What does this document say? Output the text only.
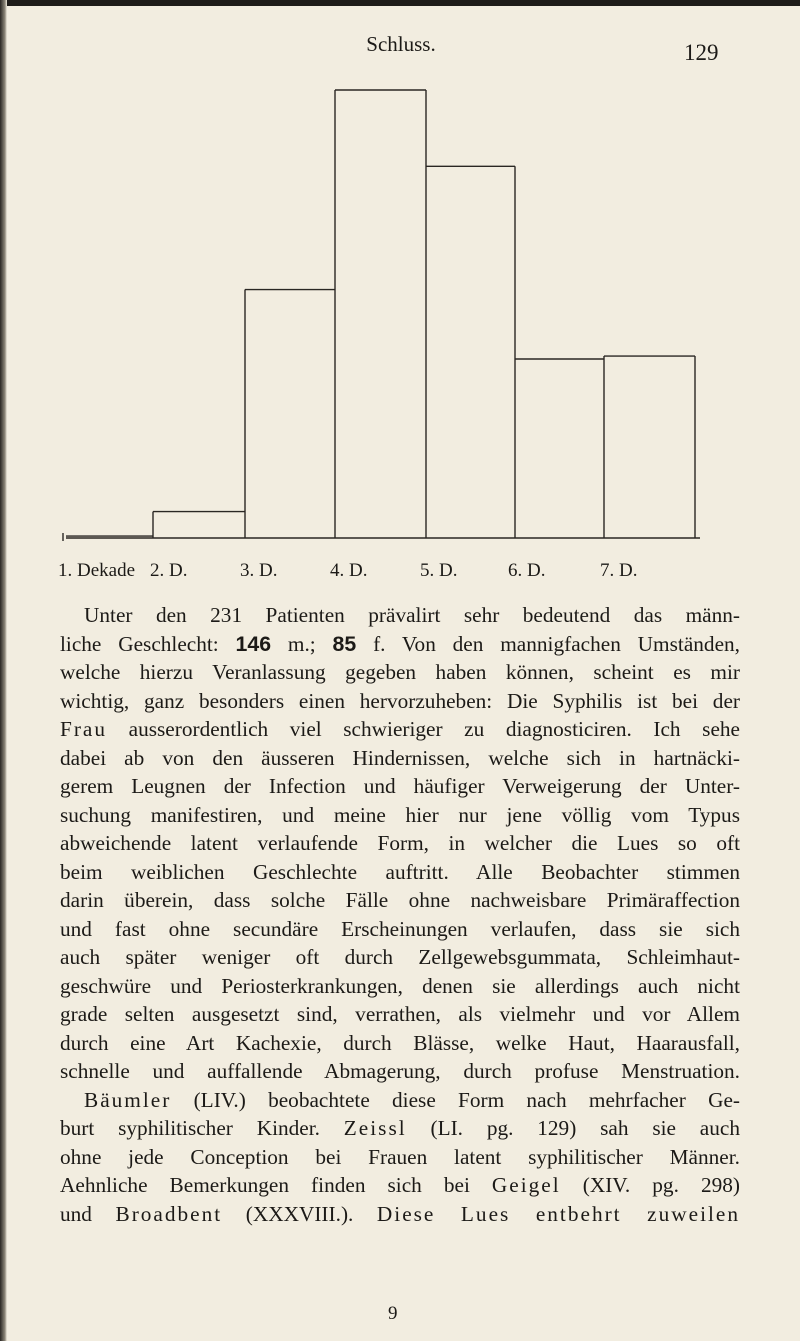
Schluss.	129
1. Dekade 2. D.	3. D.	4. D.	5. D.	6. D.	7. D.
Unter den 231 Patienten prävalirt sehr bedeutend das männ-
liche Geschlecht: 146 m.; 85 f. Von den mannigfachen Umständen,
welche hierzu Veranlassung gegeben haben können, scheint es mir
wichtig, ganz besonders einen hervorzuheben: Die Syphilis ist bei der
Frau ausserordentlich viel schwieriger zu diagnosticiren. Ich sehe
dabei ab von den äusseren Hindernissen, welche sich in hartnäcki-
gerem Leugnen der Infection und häufiger Verweigerung der Unter-
suchung manifestiren, und meine hier nur jene völlig vom Typus
abweichende latent verlaufende Form, in welcher die Lues so oft
beim weiblichen Geschlechte auftritt. Alle Beobachter stimmen
darin überein, dass solche Fälle ohne nachweisbare Primäraffection
und fast ohne secundäre Erscheinungen verlaufen, dass sie sich
auch später weniger oft durch Zellgewebsgummata, Schleimhaut-
geschwüre und Periosterkrankungen, denen sie allerdings auch nicht
grade selten ausgesetzt sind, verrathen, als vielmehr und vor Allem
durch eine Art Kachexie, durch Blässe, welke Haut, Haarausfall,
schnelle und auffallende Abmagerung, durch profuse Menstruation.
Bäumler (LIV.) beobachtete diese Form nach mehrfacher Ge-
burt syphilitischer Kinder. Zeissl (LI. pg. 129) sah sie auch
ohne jede Conception bei Frauen latent syphilitischer Männer.
Aehnliche Bemerkungen finden sich bei Geigel (XIV. pg. 298)
und Broadbent (XXXVIII.). Diese Lues entbehrt zuweilen
9
